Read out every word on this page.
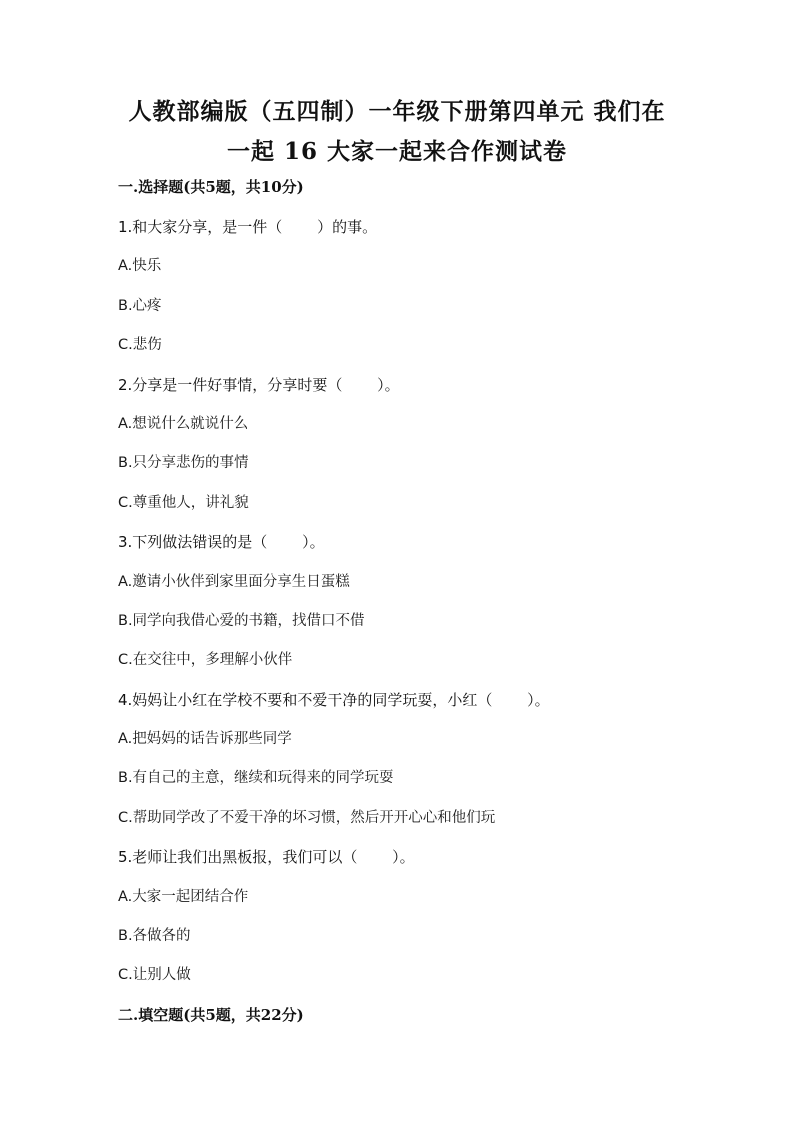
人教部编版（五四制）一年级下册第四单元 我们在
一起 16 大家一起来合作测试卷
一.选择题(共5题，共10分)
1.和大家分享，是一件（　　 ）的事。
A.快乐
B.心疼
C.悲伤
2.分享是一件好事情，分享时要（　　 ）。
A.想说什么就说什么
B.只分享悲伤的事情
C.尊重他人，讲礼貌
3.下列做法错误的是（　　 ）。
A.邀请小伙伴到家里面分享生日蛋糕
B.同学向我借心爱的书籍，找借口不借
C.在交往中，多理解小伙伴
4.妈妈让小红在学校不要和不爱干净的同学玩耍，小红（　　 ）。
A.把妈妈的话告诉那些同学
B.有自己的主意，继续和玩得来的同学玩耍
C.帮助同学改了不爱干净的坏习惯，然后开开心心和他们玩
5.老师让我们出黑板报，我们可以（　　 ）。
A.大家一起团结合作
B.各做各的
C.让别人做
二.填空题(共5题，共22分)
